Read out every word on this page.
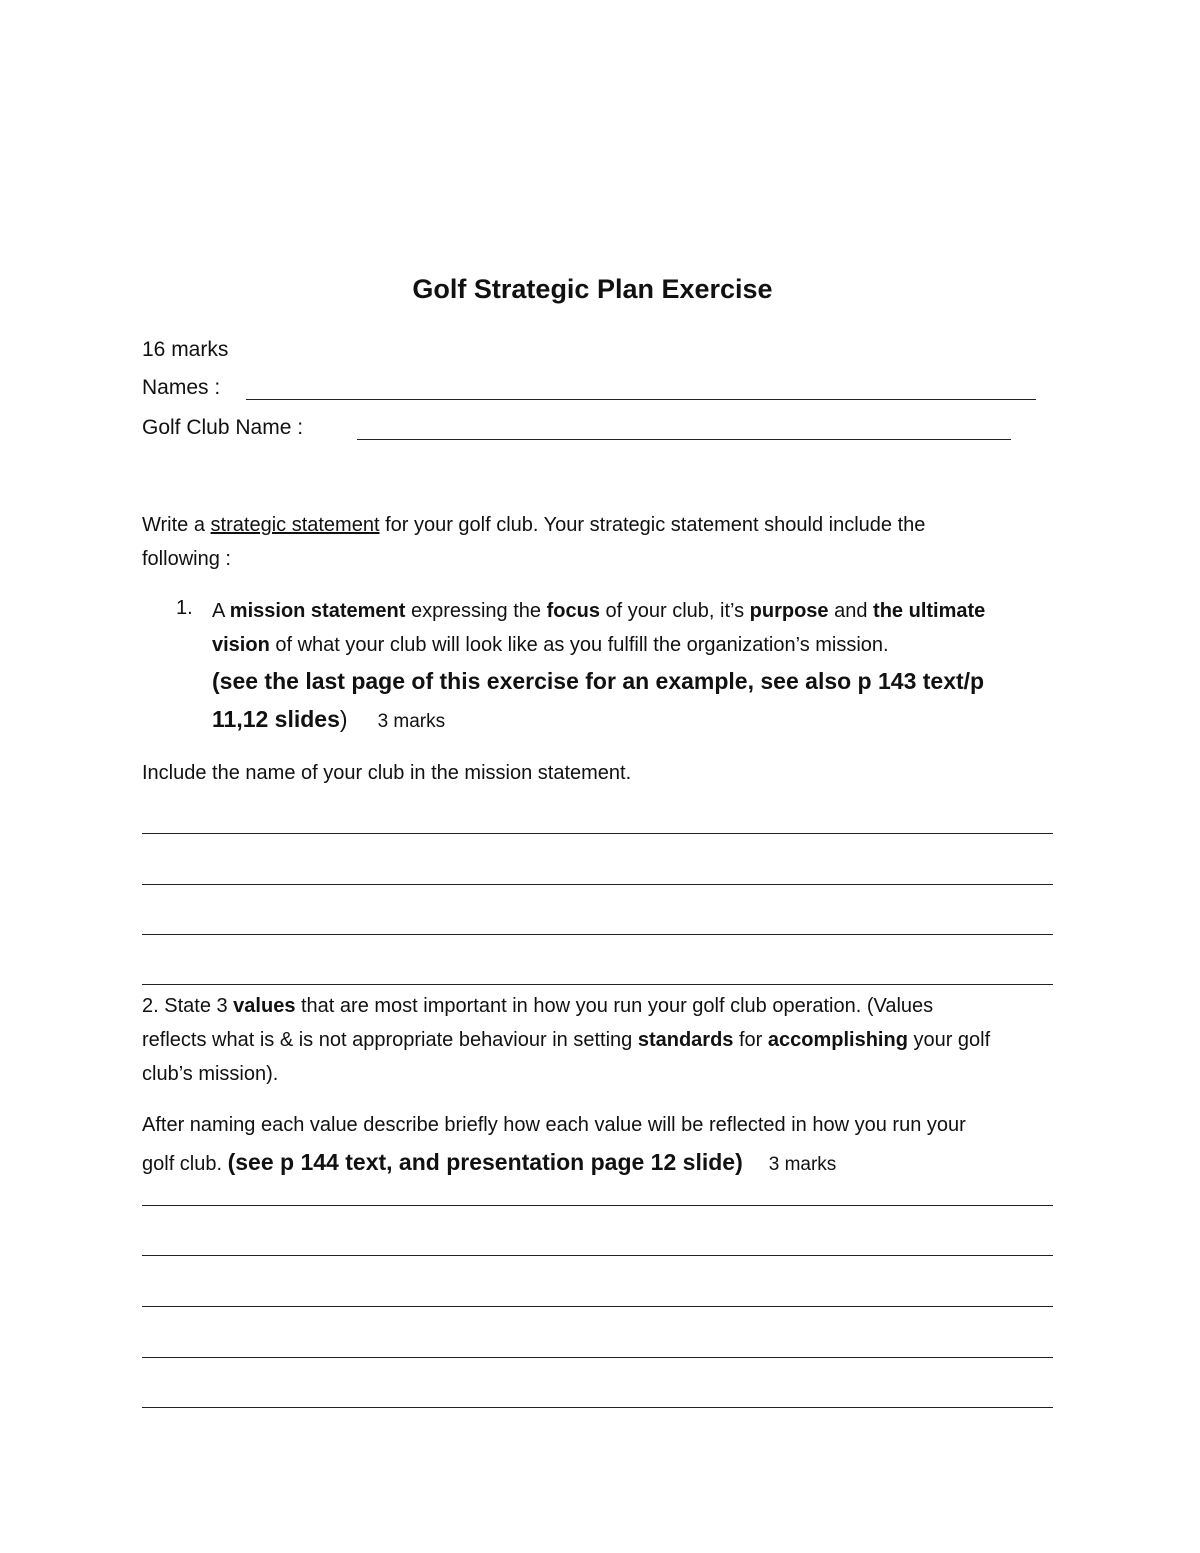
Golf Strategic Plan Exercise
16 marks
Names :
Golf Club Name :
Write a strategic statement for your golf club. Your strategic statement should include the
following :
1. A mission statement expressing the focus of your club, it’s purpose and the ultimate
vision of what your club will look like as you fulfill the organization’s mission.
(see the last page of this exercise for an example, see also p 143 text/p
11,12 slides) 3 marks
Include the name of your club in the mission statement.
2. State 3 values that are most important in how you run your golf club operation. (Values
reflects what is & is not appropriate behaviour in setting standards for accomplishing your golf
club’s mission).
After naming each value describe briefly how each value will be reflected in how you run your
golf club. (see p 144 text, and presentation page 12 slide) 3 marks
